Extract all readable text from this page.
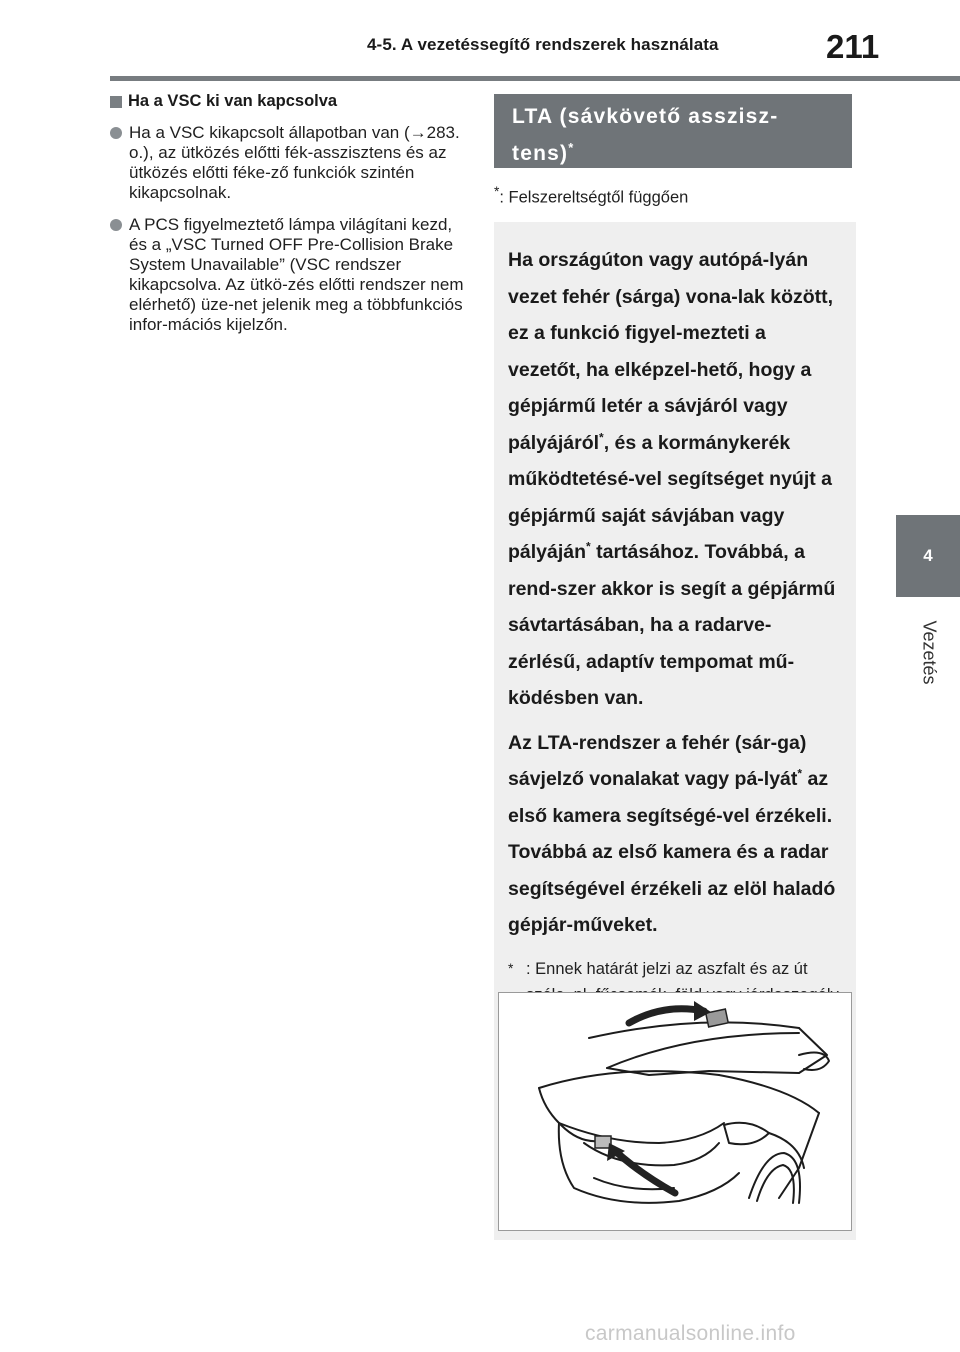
4-5. A vezetéssegítő rendszerek használata	211
4
Vezetés
Ha a VSC ki van kapcsolva
Ha a VSC kikapcsolt állapotban van (→283. o.), az ütközés előtti fék-asszisztens és az ütközés előtti féke-ző funkciók szintén kikapcsolnak.
A PCS figyelmeztető lámpa világítani kezd, és a „VSC Turned OFF Pre-Collision Brake System Unavailable” (VSC rendszer kikapcsolva. Az ütkö-zés előtti rendszer nem elérhető) üze-net jelenik meg a többfunkciós infor-mációs kijelzőn.
LTA (sávkövető asszisz-tens)*
*: Felszereltségtől függően

Ha országúton vagy autópá-lyán vezet fehér (sárga) vona-lak között, ez a funkció figyel-mezteti a vezetőt, ha elképzel-hető, hogy a gépjármű letér a sávjáról vagy pályájáról*, és a kormánykerék működtetésé-vel segítséget nyújt a gépjármű saját sávjában vagy pályáján* tartásához. Továbbá, a rend-szer akkor is segít a gépjármű sávtartásában, ha a radarve-zérlésű, adaptív tempomat mű-ködésben van.

Az LTA-rendszer a fehér (sár-ga) sávjelző vonalakat vagy pá-lyát* az első kamera segítségé-vel érzékeli. Továbbá az első kamera és a radar segítségével érzékeli az elöl haladó gépjár-műveket.

* : Ennek határát jelzi az aszfalt és az út
carmanualsonline.info
